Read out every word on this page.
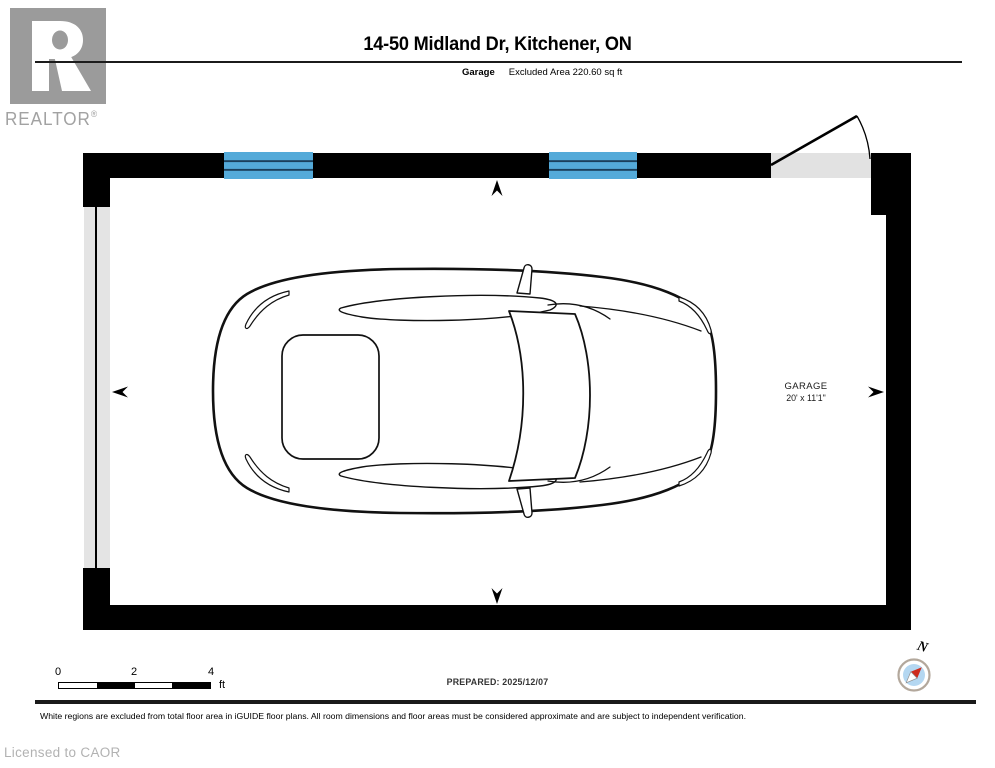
REALTOR®
14-50 Midland Dr, Kitchener, ON
Garage Excluded Area 220.60 sq ft
GARAGE
20' x 11'1"
0	2	4
ft	PREPARED: 2025/12/07
White regions are excluded from total floor area in iGUIDE floor plans. All room dimensions and floor areas must be considered approximate and are subject to independent verification.
Licensed to CAOR
N
